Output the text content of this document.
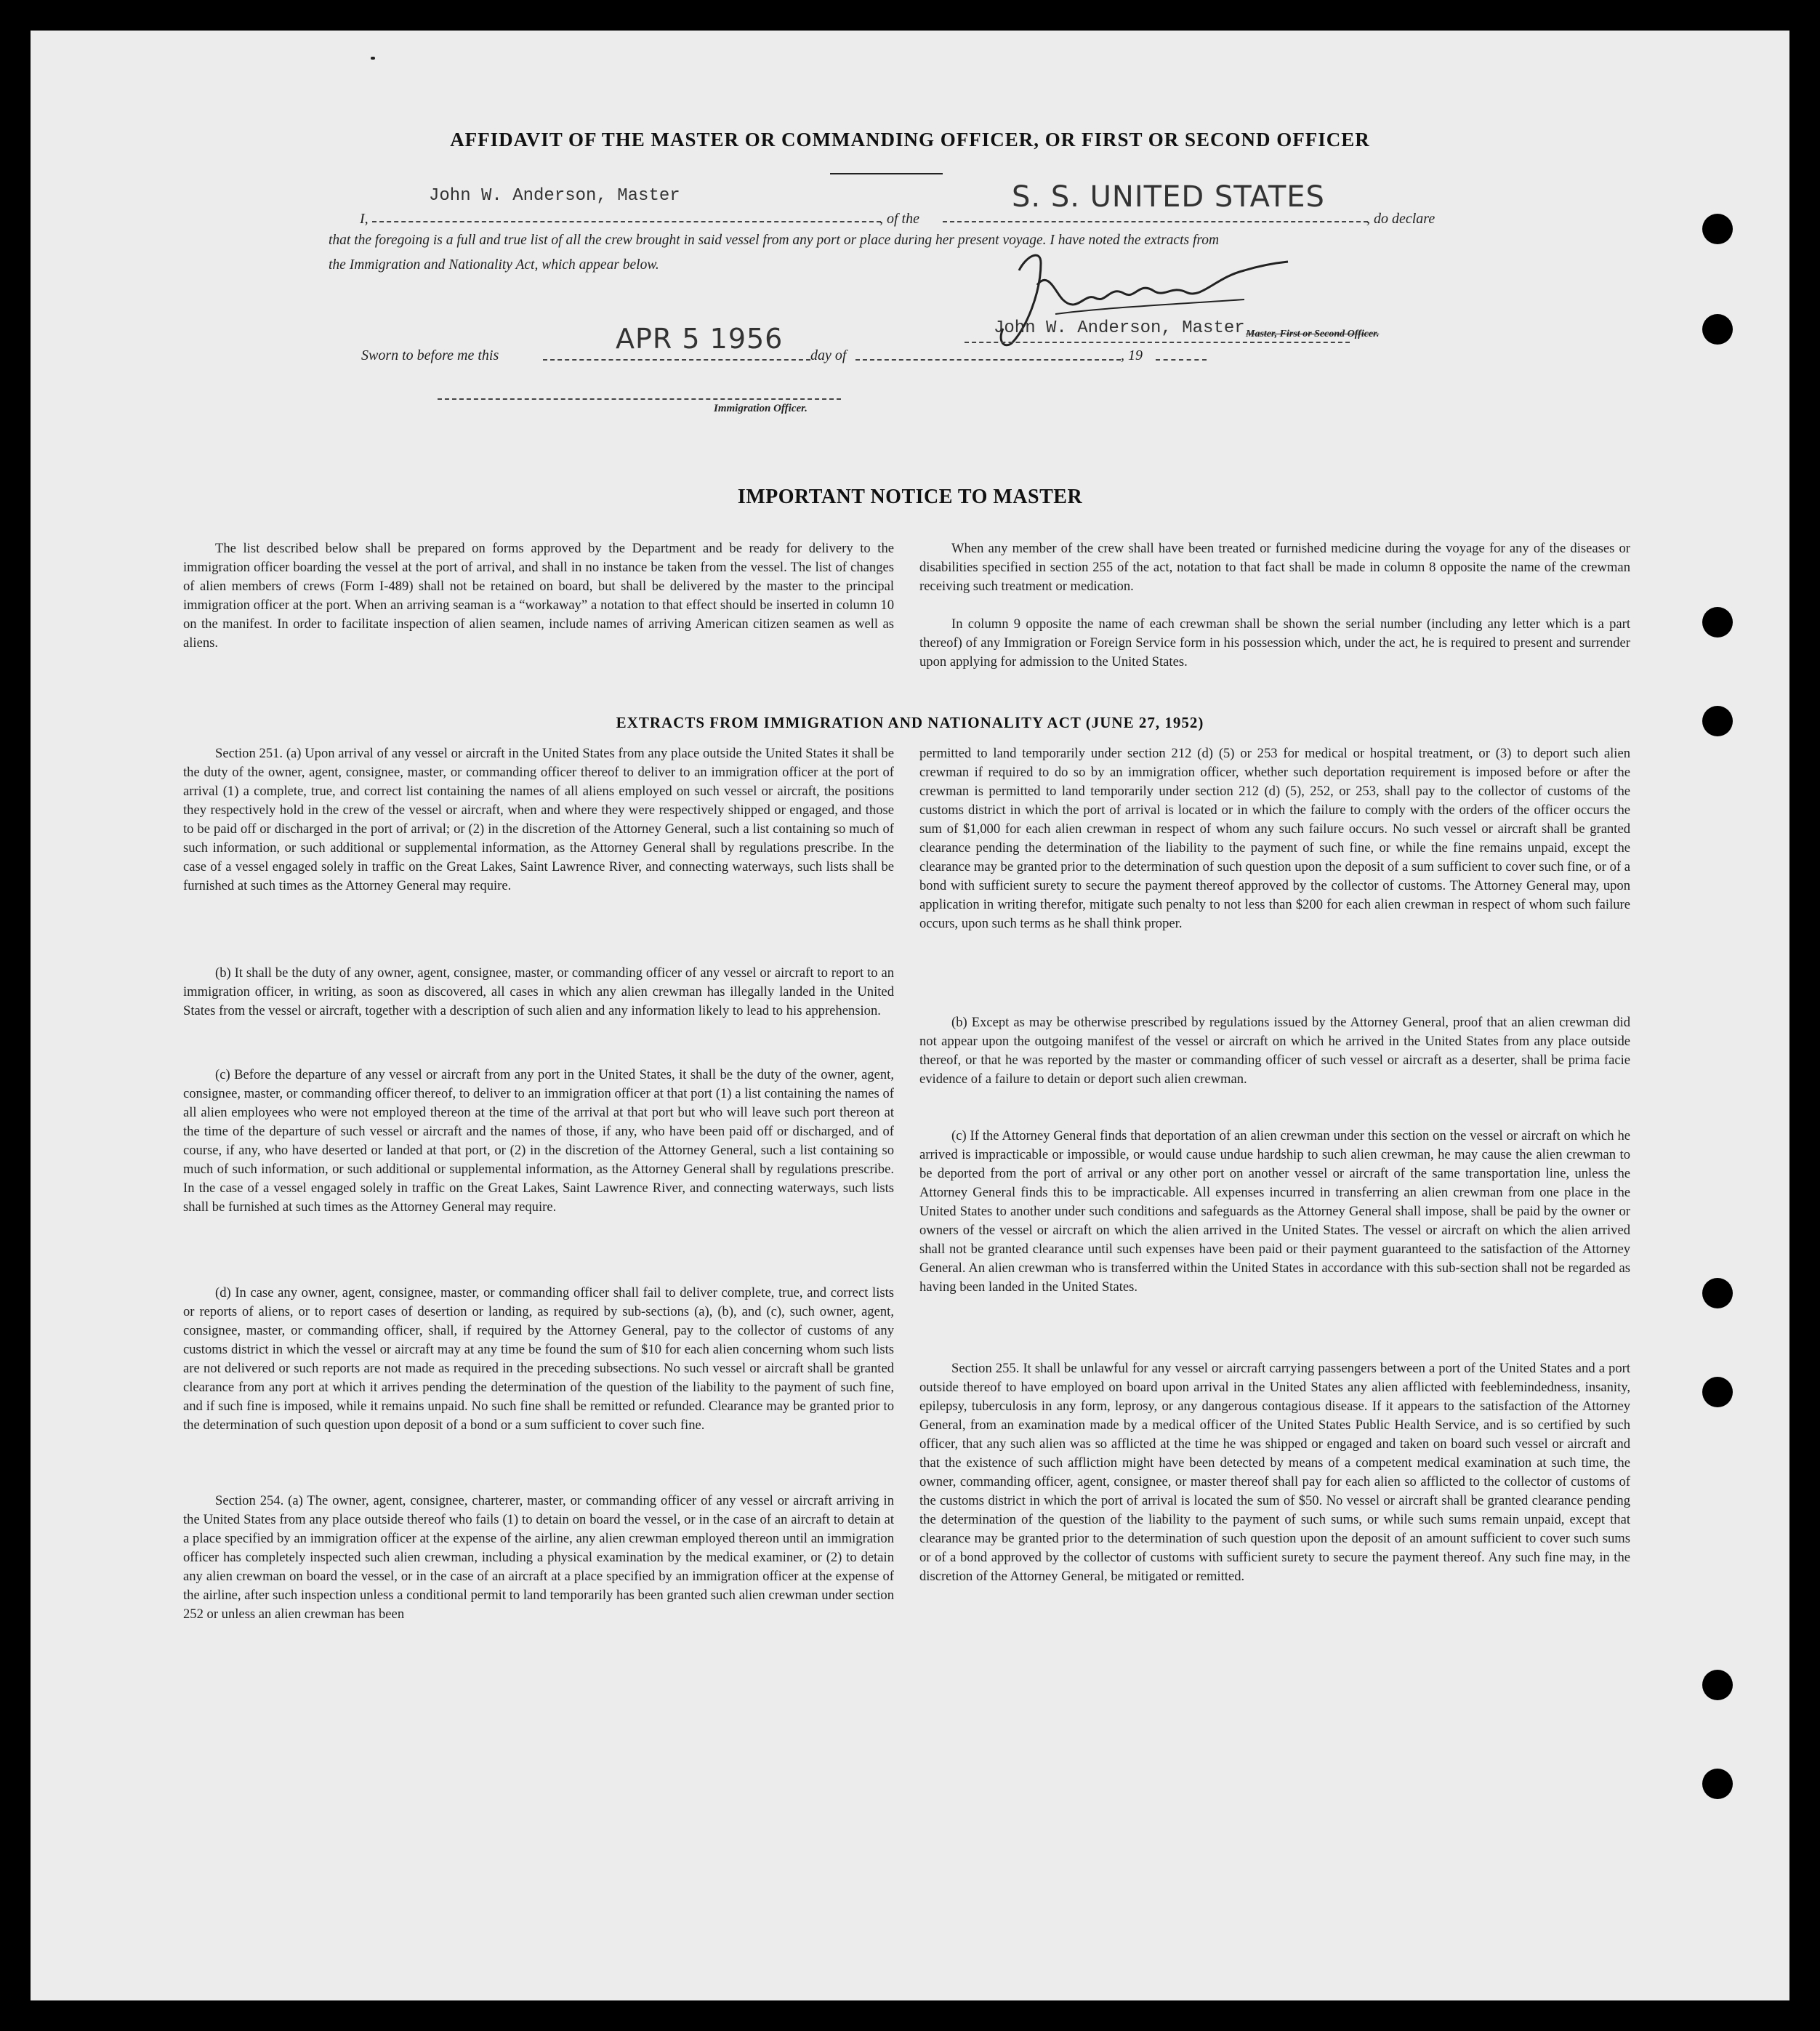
AFFIDAVIT OF THE MASTER OR COMMANDING OFFICER, OR FIRST OR SECOND OFFICER
I,
John W. Anderson, Master
, of the
S. S. UNITED STATES
, do declare
that the foregoing is a full and true list of all the crew brought in said vessel from any port or place during her present voyage. I have noted the extracts from
the Immigration and Nationality Act, which appear below.
John W. Anderson, Master Master, First or Second Officer.
Sworn to before me this
APR 5 1956
day of	, 19
Immigration Officer.
IMPORTANT NOTICE TO MASTER

The list described below shall be prepared on forms approved by the Department and be ready for delivery to the immigration officer boarding the vessel at the port of arrival, and shall in no instance be taken from the vessel. The list of changes of alien members of crews (Form I-489) shall not be retained on board, but shall be delivered by the master to the principal immigration officer at the port. When an arriving seaman is a “workaway” a notation to that effect should be inserted in column 10 on the manifest. In order to facilitate inspection of alien seamen, include names of arriving American citizen seamen as well as aliens.

When any member of the crew shall have been treated or furnished medicine during the voyage for any of the diseases or disabilities specified in section 255 of the act, notation to that fact shall be made in column 8 opposite the name of the crewman receiving such treatment or medication.

In column 9 opposite the name of each crewman shall be shown the serial number (including any letter which is a part thereof) of any Immigration or Foreign Service form in his possession which, under the act, he is required to present and surrender upon applying for admission to the United States.

EXTRACTS FROM IMMIGRATION AND NATIONALITY ACT (JUNE 27, 1952)

Section 251. (a) Upon arrival of any vessel or aircraft in the United States from any place outside the United States it shall be the duty of the owner, agent, consignee, master, or commanding officer thereof to deliver to an immigration officer at the port of arrival (1) a complete, true, and correct list containing the names of all aliens employed on such vessel or aircraft, the positions they respectively hold in the crew of the vessel or aircraft, when and where they were respectively shipped or engaged, and those to be paid off or discharged in the port of arrival; or (2) in the discretion of the Attorney General, such a list containing so much of such information, or such additional or supplemental information, as the Attorney General shall by regulations prescribe. In the case of a vessel engaged solely in traffic on the Great Lakes, Saint Lawrence River, and connecting waterways, such lists shall be furnished at such times as the Attorney General may require.

(b) It shall be the duty of any owner, agent, consignee, master, or commanding officer of any vessel or aircraft to report to an immigration officer, in writing, as soon as discovered, all cases in which any alien crewman has illegally landed in the United States from the vessel or aircraft, together with a description of such alien and any information likely to lead to his apprehension.

(c) Before the departure of any vessel or aircraft from any port in the United States, it shall be the duty of the owner, agent, consignee, master, or commanding officer thereof, to deliver to an immigration officer at that port (1) a list containing the names of all alien employees who were not employed thereon at the time of the arrival at that port but who will leave such port thereon at the time of the departure of such vessel or aircraft and the names of those, if any, who have been paid off or discharged, and of course, if any, who have deserted or landed at that port, or (2) in the discretion of the Attorney General, such a list containing so much of such information, or such additional or supplemental information, as the Attorney General shall by regulations prescribe. In the case of a vessel engaged solely in traffic on the Great Lakes, Saint Lawrence River, and connecting waterways, such lists shall be furnished at such times as the Attorney General may require.

(d) In case any owner, agent, consignee, master, or commanding officer shall fail to deliver complete, true, and correct lists or reports of aliens, or to report cases of desertion or landing, as required by sub-sections (a), (b), and (c), such owner, agent, consignee, master, or commanding officer, shall, if required by the Attorney General, pay to the collector of customs of any customs district in which the vessel or aircraft may at any time be found the sum of $10 for each alien concerning whom such lists are not delivered or such reports are not made as required in the preceding subsections. No such vessel or aircraft shall be granted clearance from any port at which it arrives pending the determination of the question of the liability to the payment of such fine, and if such fine is imposed, while it remains unpaid. No such fine shall be remitted or refunded. Clearance may be granted prior to the determination of such question upon deposit of a bond or a sum sufficient to cover such fine.

Section 254. (a) The owner, agent, consignee, charterer, master, or commanding officer of any vessel or aircraft arriving in the United States from any place outside thereof who fails (1) to detain on board the vessel, or in the case of an aircraft to detain at a place specified by an immigration officer at the expense of the airline, any alien crewman employed thereon until an immigration officer has completely inspected such alien crewman, including a physical examination by the medical examiner, or (2) to detain any alien crewman on board the vessel, or in the case of an aircraft at a place specified by an immigration officer at the expense of the airline, after such inspection unless a conditional permit to land temporarily has been granted such alien crewman under section 252 or unless an alien crewman has been

permitted to land temporarily under section 212 (d) (5) or 253 for medical or hospital treatment, or (3) to deport such alien crewman if required to do so by an immigration officer, whether such deportation requirement is imposed before or after the crewman is permitted to land temporarily under section 212 (d) (5), 252, or 253, shall pay to the collector of customs of the customs district in which the port of arrival is located or in which the failure to comply with the orders of the officer occurs the sum of $1,000 for each alien crewman in respect of whom any such failure occurs. No such vessel or aircraft shall be granted clearance pending the determination of the liability to the payment of such fine, or while the fine remains unpaid, except the clearance may be granted prior to the determination of such question upon the deposit of a sum sufficient to cover such fine, or of a bond with sufficient surety to secure the payment thereof approved by the collector of customs. The Attorney General may, upon application in writing therefor, mitigate such penalty to not less than $200 for each alien crewman in respect of whom such failure occurs, upon such terms as he shall think proper.

(b) Except as may be otherwise prescribed by regulations issued by the Attorney General, proof that an alien crewman did not appear upon the outgoing manifest of the vessel or aircraft on which he arrived in the United States from any place outside thereof, or that he was reported by the master or commanding officer of such vessel or aircraft as a deserter, shall be prima facie evidence of a failure to detain or deport such alien crewman.

(c) If the Attorney General finds that deportation of an alien crewman under this section on the vessel or aircraft on which he arrived is impracticable or impossible, or would cause undue hardship to such alien crewman, he may cause the alien crewman to be deported from the port of arrival or any other port on another vessel or aircraft of the same transportation line, unless the Attorney General finds this to be impracticable. All expenses incurred in transferring an alien crewman from one place in the United States to another under such conditions and safeguards as the Attorney General shall impose, shall be paid by the owner or owners of the vessel or aircraft on which the alien arrived in the United States. The vessel or aircraft on which the alien arrived shall not be granted clearance until such expenses have been paid or their payment guaranteed to the satisfaction of the Attorney General. An alien crewman who is transferred within the United States in accordance with this sub-section shall not be regarded as having been landed in the United States.

Section 255. It shall be unlawful for any vessel or aircraft carrying passengers between a port of the United States and a port outside thereof to have employed on board upon arrival in the United States any alien afflicted with feeblemindedness, insanity, epilepsy, tuberculosis in any form, leprosy, or any dangerous contagious disease. If it appears to the satisfaction of the Attorney General, from an examination made by a medical officer of the United States Public Health Service, and is so certified by such officer, that any such alien was so afflicted at the time he was shipped or engaged and taken on board such vessel or aircraft and that the existence of such affliction might have been detected by means of a competent medical examination at such time, the owner, commanding officer, agent, consignee, or master thereof shall pay for each alien so afflicted to the collector of customs of the customs district in which the port of arrival is located the sum of $50. No vessel or aircraft shall be granted clearance pending the determination of the question of the liability to the payment of such sums, or while such sums remain unpaid, except that clearance may be granted prior to the determination of such question upon the deposit of an amount sufficient to cover such sums or of a bond approved by the collector of customs with sufficient surety to secure the payment thereof. Any such fine may, in the discretion of the Attorney General, be mitigated or remitted.
